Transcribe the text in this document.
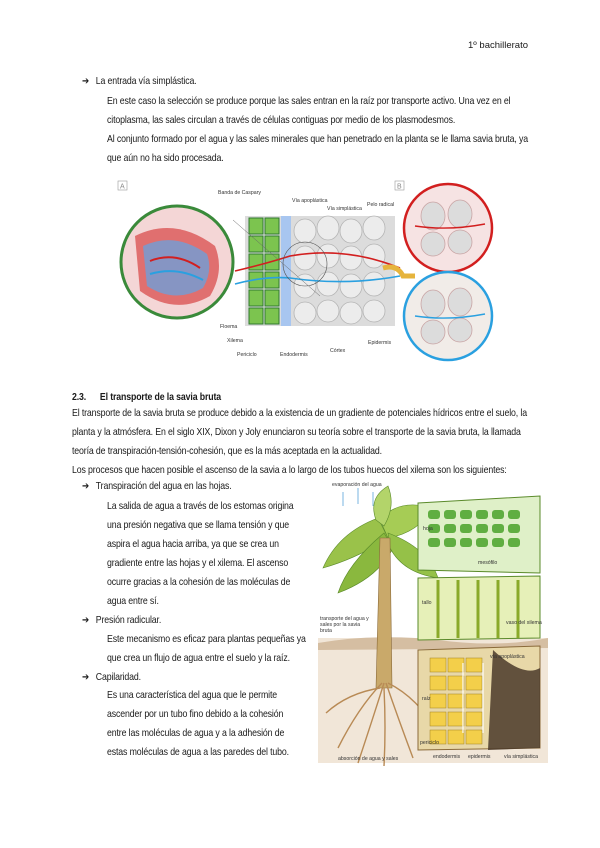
1º bachillerato
➔ La entrada vía simplástica.
En este caso la selección se produce porque las sales entran en la raíz por transporte activo. Una vez en el
citoplasma, las sales circulan a través de células contiguas por medio de los plasmodesmos.
Al conjunto formado por el agua y las sales minerales que han penetrado en la planta se le llama savia bruta, ya
que aún no ha sido procesada.
A	B
Banda de Caspary
Vía apoplástica
Vía simplástica
Pelo radical
Floema
Xilema
Periciclo	Endodermis
Córtex
Epidermis
2.3. El transporte de la savia bruta
El transporte de la savia bruta se produce debido a la existencia de un gradiente de potenciales hídricos entre el suelo, la
planta y la atmósfera. En el siglo XIX, Dixon y Joly enunciaron su teoría sobre el transporte de la savia bruta, la llamada
teoría de transpiración-tensión-cohesión, que es la más aceptada en la actualidad.
Los procesos que hacen posible el ascenso de la savia a lo largo de los tubos huecos del xilema son los siguientes:
➔ Transpiración del agua en las hojas.
La salida de agua a través de los estomas origina
una presión negativa que se llama tensión y que
aspira el agua hacia arriba, ya que se crea un
gradiente entre las hojas y el xilema. El ascenso
ocurre gracias a la cohesión de las moléculas de
agua entre sí.
➔ Presión radicular.
Este mecanismo es eficaz para plantas pequeñas ya
que crea un flujo de agua entre el suelo y la raíz.
➔ Capilaridad.
Es una característica del agua que le permite
ascender por un tubo fino debido a la cohesión
entre las moléculas de agua y a la adhesión de
estas moléculas de agua a las paredes del tubo.
evaporación del agua
hoja
mesófilo
tallo
vaso del xilema
transporte del agua y sales por la savia bruta
vía apoplástica
raíz
periciclo
endodermis epidermis
absorción de agua y sales	vía simplástica
